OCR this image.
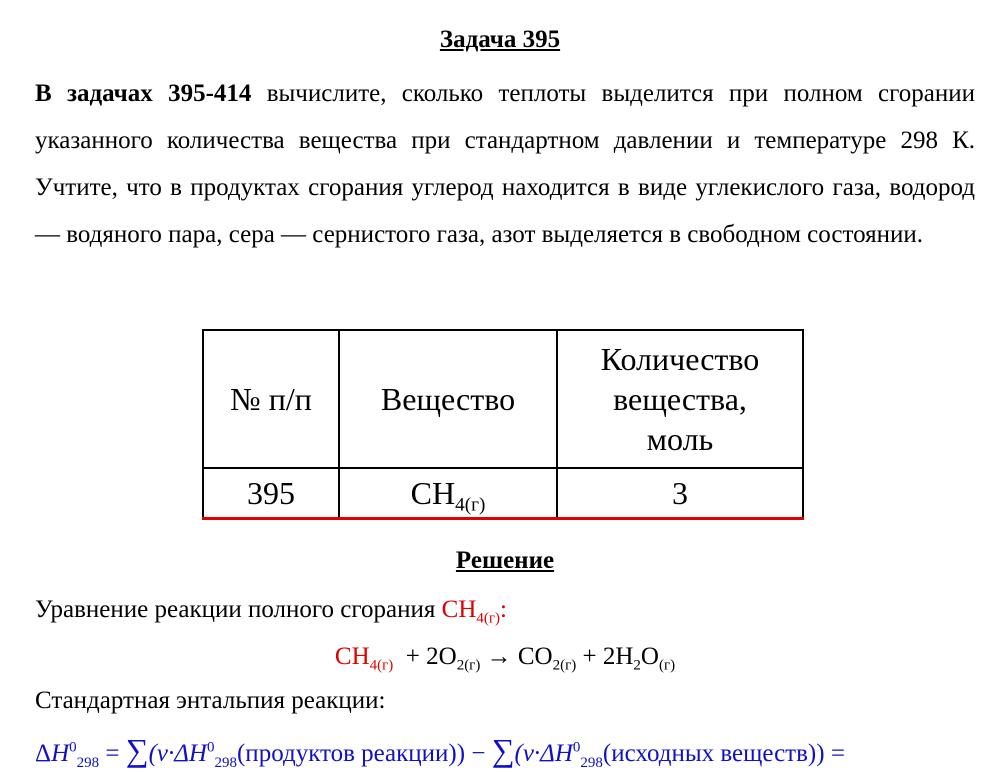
Задача 395
В задачах 395-414 вычислите, сколько теплоты выделится при полном сгорании указанного количества вещества при стандартном давлении и температуре 298 К. Учтите, что в продуктах сгорания углерод находится в виде углекислого газа, водород — водяного пара, сера — сернистого газа, азот выделяется в свободном состоянии.
№ п/п	Вещество	Количество вещества, моль
395	$CH_{4(г)}$	3
Решение
Уравнение реакции полного сгорания $CH_{4(г)}$:
$CH_{4(г)} + 2O_{2(г)} \to CO_{2(г)} + 2H_2O_{(г)}$
Стандартная энтальпия реакции:
$\Delta H^0_{298}$ = $\sum(\nu\cdot\Delta H^0_{298}(продуктов$ реакции)) − $\sum(\nu\cdot\Delta H^0_{298}(исходных$ веществ)) =
